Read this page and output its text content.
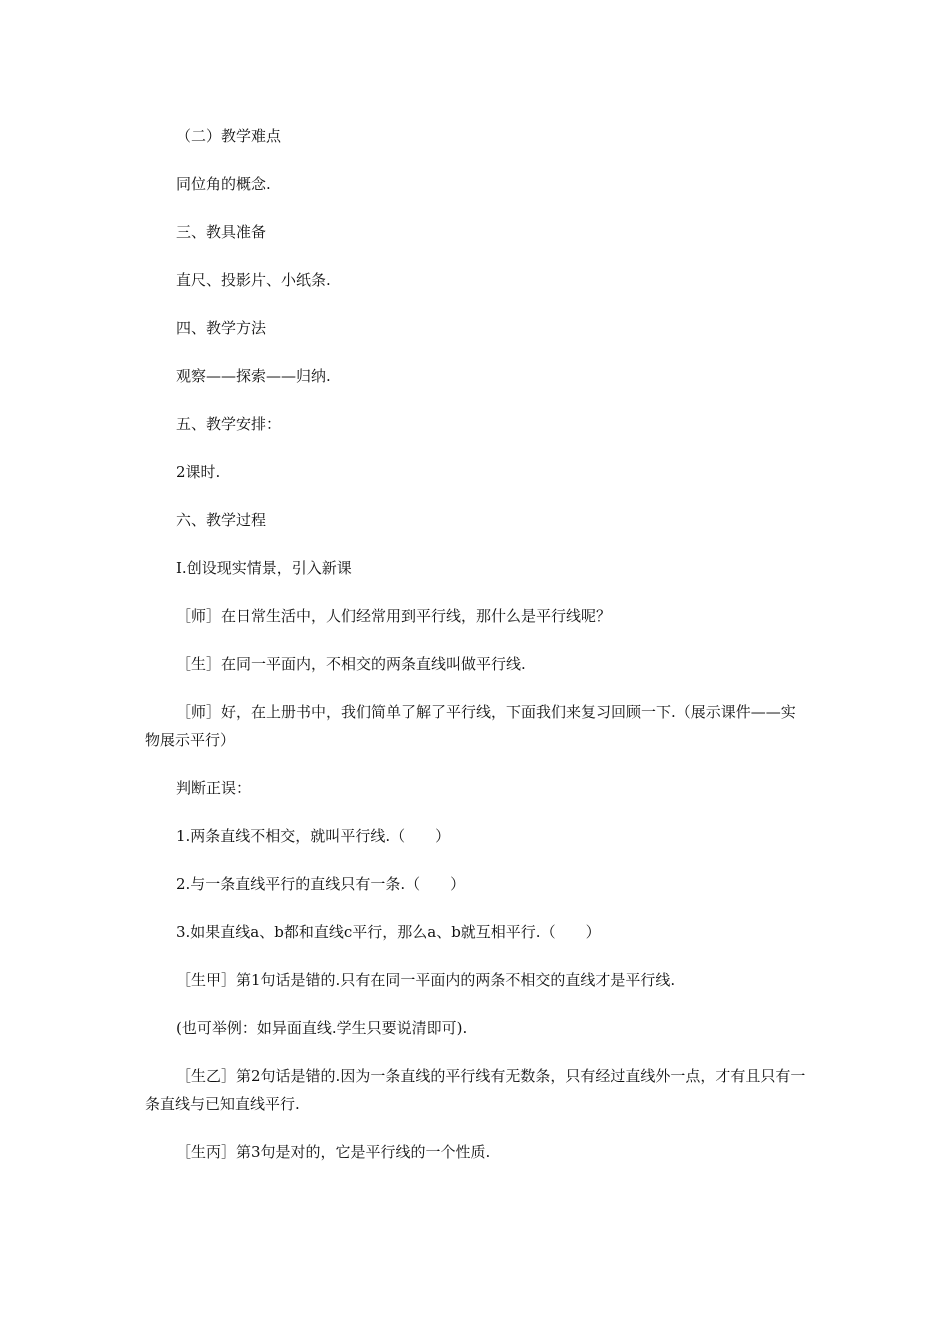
（二）教学难点

同位角的概念.

三、教具准备

直尺、投影片、小纸条.

四、教学方法

观察——探索——归纳.

五、教学安排：

2课时.

六、教学过程

Ⅰ.创设现实情景，引入新课

［师］在日常生活中，人们经常用到平行线，那什么是平行线呢？

［生］在同一平面内，不相交的两条直线叫做平行线.

［师］好，在上册书中，我们简单了解了平行线，下面我们来复习回顾一下.（展示课件——实物展示平行）

判断正误：

1.两条直线不相交，就叫平行线.（　　）

2.与一条直线平行的直线只有一条.（　　）

3.如果直线a、b都和直线c平行，那么a、b就互相平行.（　　）

［生甲］第1句话是错的.只有在同一平面内的两条不相交的直线才是平行线.

(也可举例：如异面直线.学生只要说清即可).

［生乙］第2句话是错的.因为一条直线的平行线有无数条，只有经过直线外一点，才有且只有一条直线与已知直线平行.

［生丙］第3句是对的，它是平行线的一个性质.
